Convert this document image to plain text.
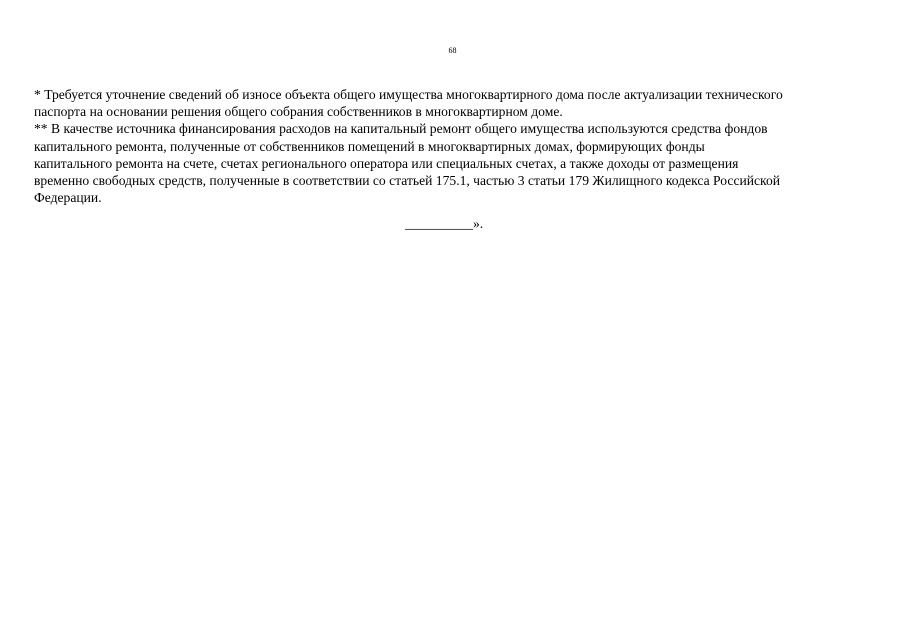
68
* Требуется уточнение сведений об износе объекта общего имущества многоквартирного дома после актуализации технического
паспорта на основании решения общего собрания собственников в многоквартирном доме.
** В качестве источника финансирования расходов на капитальный ремонт общего имущества используются средства фондов
капитального ремонта, полученные от собственников помещений в многоквартирных домах, формирующих фонды
капитального ремонта на счете, счетах регионального оператора или специальных счетах, а также доходы от размещения
временно свободных средств, полученные в соответствии со статьей 175.1, частью 3 статьи 179 Жилищного кодекса Российской
Федерации.
__________».
